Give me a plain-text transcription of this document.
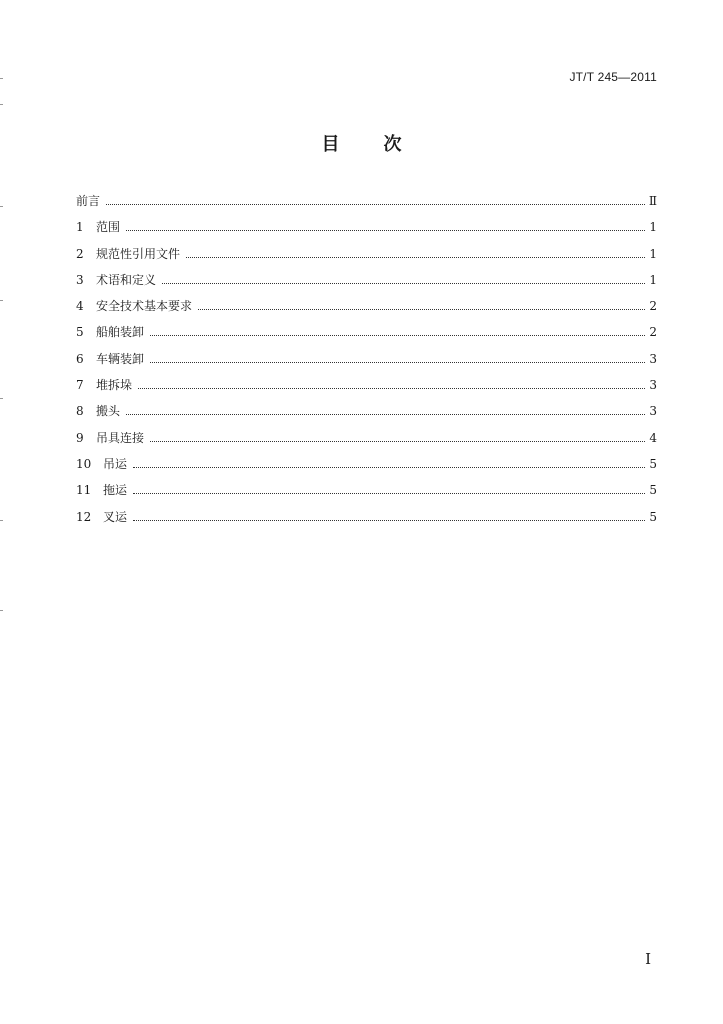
JT/T 245—2011
目 次
前言	Ⅱ
1	范围	1
2	规范性引用文件	1
3	术语和定义	1
4	安全技术基本要求	2
5	船舶装卸	2
6	车辆装卸	3
7	堆拆垛	3
8	搬头	3
9	吊具连接	4
10 吊运	5
11 拖运	5
12 叉运	5
I
